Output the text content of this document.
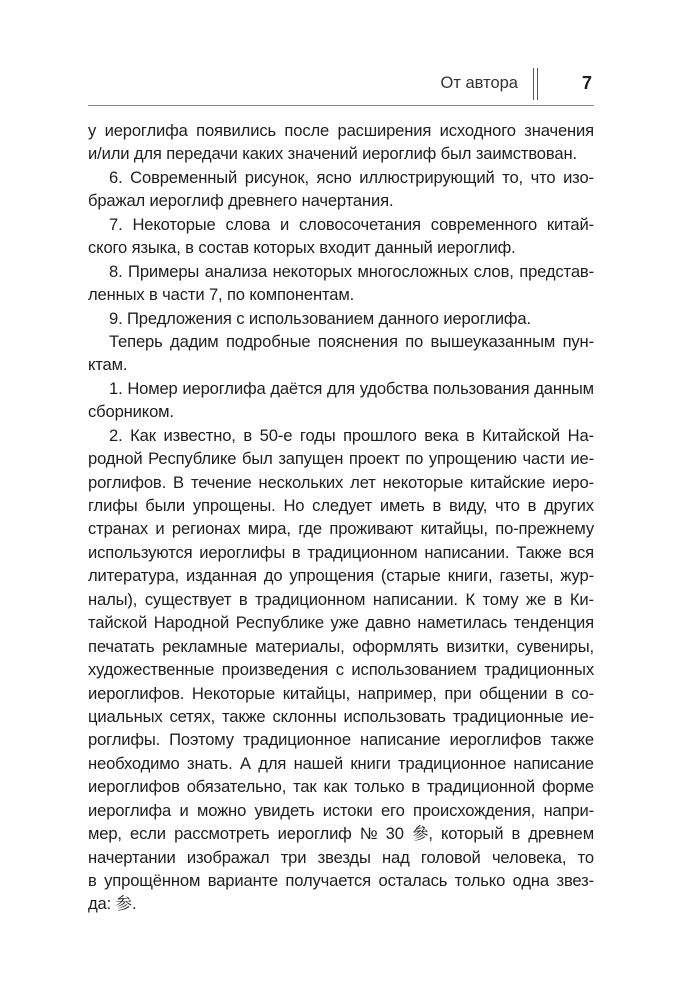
От автора	7
у иероглифа появились после расширения исходного значения
и/или для передачи каких значений иероглиф был заимствован.
6. Современный рисунок, ясно иллюстрирующий то, что изо-
бражал иероглиф древнего начертания.
7. Некоторые слова и словосочетания современного китай-
ского языка, в состав которых входит данный иероглиф.
8. Примеры анализа некоторых многосложных слов, представ-
ленных в части 7, по компонентам.
9. Предложения с использованием данного иероглифа.
Теперь дадим подробные пояснения по вышеуказанным пун-
ктам.
1. Номер иероглифа даётся для удобства пользования данным
сборником.
2. Как известно, в 50-е годы прошлого века в Китайской На-
родной Республике был запущен проект по упрощению части ие-
роглифов. В течение нескольких лет некоторые китайские иеро-
глифы были упрощены. Но следует иметь в виду, что в других
странах и регионах мира, где проживают китайцы, по-прежнему
используются иероглифы в традиционном написании. Также вся
литература, изданная до упрощения (старые книги, газеты, жур-
налы), существует в традиционном написании. К тому же в Ки-
тайской Народной Республике уже давно наметилась тенденция
печатать рекламные материалы, оформлять визитки, сувениры,
художественные произведения с использованием традиционных
иероглифов. Некоторые китайцы, например, при общении в со-
циальных сетях, также склонны использовать традиционные ие-
роглифы. Поэтому традиционное написание иероглифов также
необходимо знать. А для нашей книги традиционное написание
иероглифов обязательно, так как только в традиционной форме
иероглифа и можно увидеть истоки его происхождения, напри-
мер, если рассмотреть иероглиф № 30 參, который в древнем
начертании изображал три звезды над головой человека, то
в упрощённом варианте получается осталась только одна звез-
да: 参.
